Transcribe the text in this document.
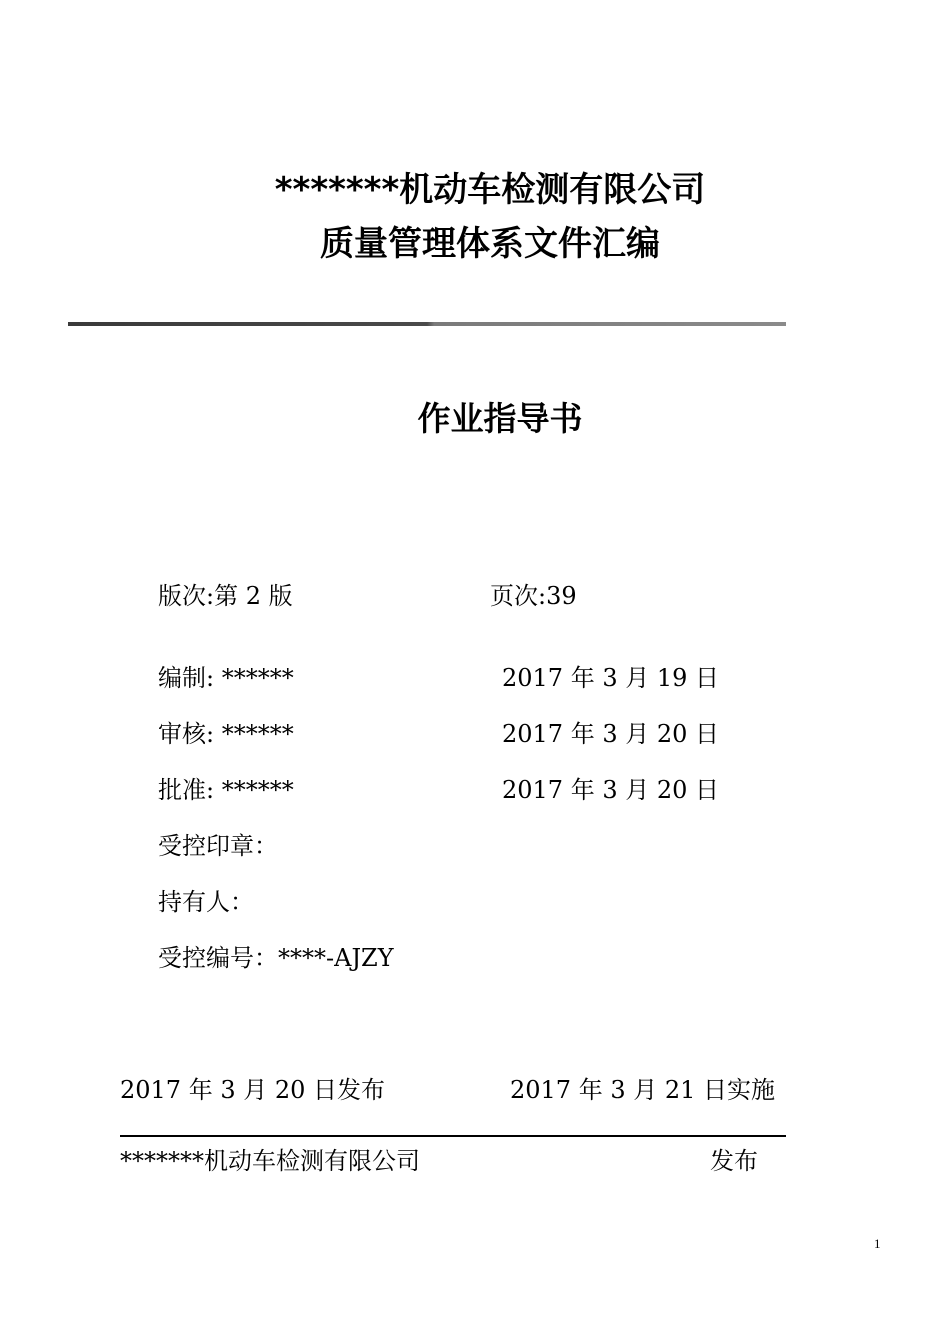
*******机动车检测有限公司
质量管理体系文件汇编
作业指导书
版次:第 2 版	页次:39
编制: ******	2017 年 3 月 19 日
审核: ******	2017 年 3 月 20 日
批准: ******	2017 年 3 月 20 日
受控印章：
持有人：
受控编号：****-AJZY
2017 年 3 月 20 日发布	2017 年 3 月 21 日实施
*******机动车检测有限公司	发布
1
